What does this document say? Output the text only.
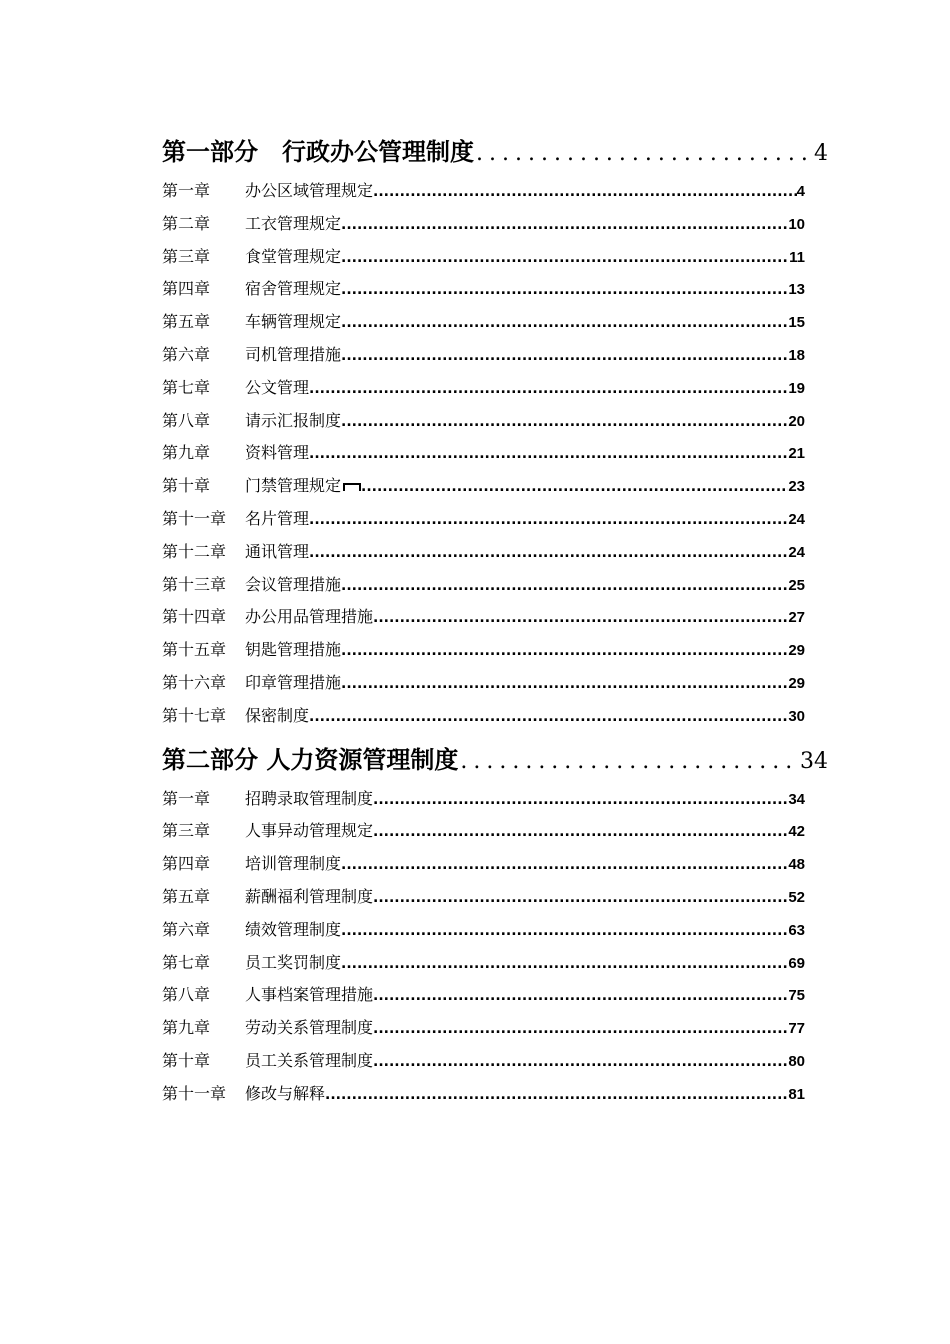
第一部分　行政办公管理制度 .....	4
第一章	办公区域管理规定 .....	4
第二章	工衣管理规定 .....	10
第三章	食堂管理规定 .....	11
第四章	宿舍管理规定 .....	13
第五章	车辆管理规定 .....	15
第六章	司机管理措施 .....	18
第七章	公文管理 .....	19
第八章	请示汇报制度 .....	20
第九章	资料管理 .....	21
第十章	门禁管理规定 .....	23
第十一章	名片管理 .....	24
第十二章	通讯管理 .....	24
第十三章	会议管理措施 .....	25
第十四章	办公用品管理措施 .....	27
第十五章	钥匙管理措施 .....	29
第十六章	印章管理措施 .....	29
第十七章	保密制度 .....	30
第二部分 人力资源管理制度 .....	34
第一章	招聘录取管理制度 .....	34
第三章	人事异动管理规定 .....	42
第四章	培训管理制度 .....	48
第五章	薪酬福利管理制度 .....	52
第六章	绩效管理制度 .....	63
第七章	员工奖罚制度 .....	69
第八章	人事档案管理措施 .....	75
第九章	劳动关系管理制度 .....	77
第十章	员工关系管理制度 .....	80
第十一章	修改与解释 .....	81
